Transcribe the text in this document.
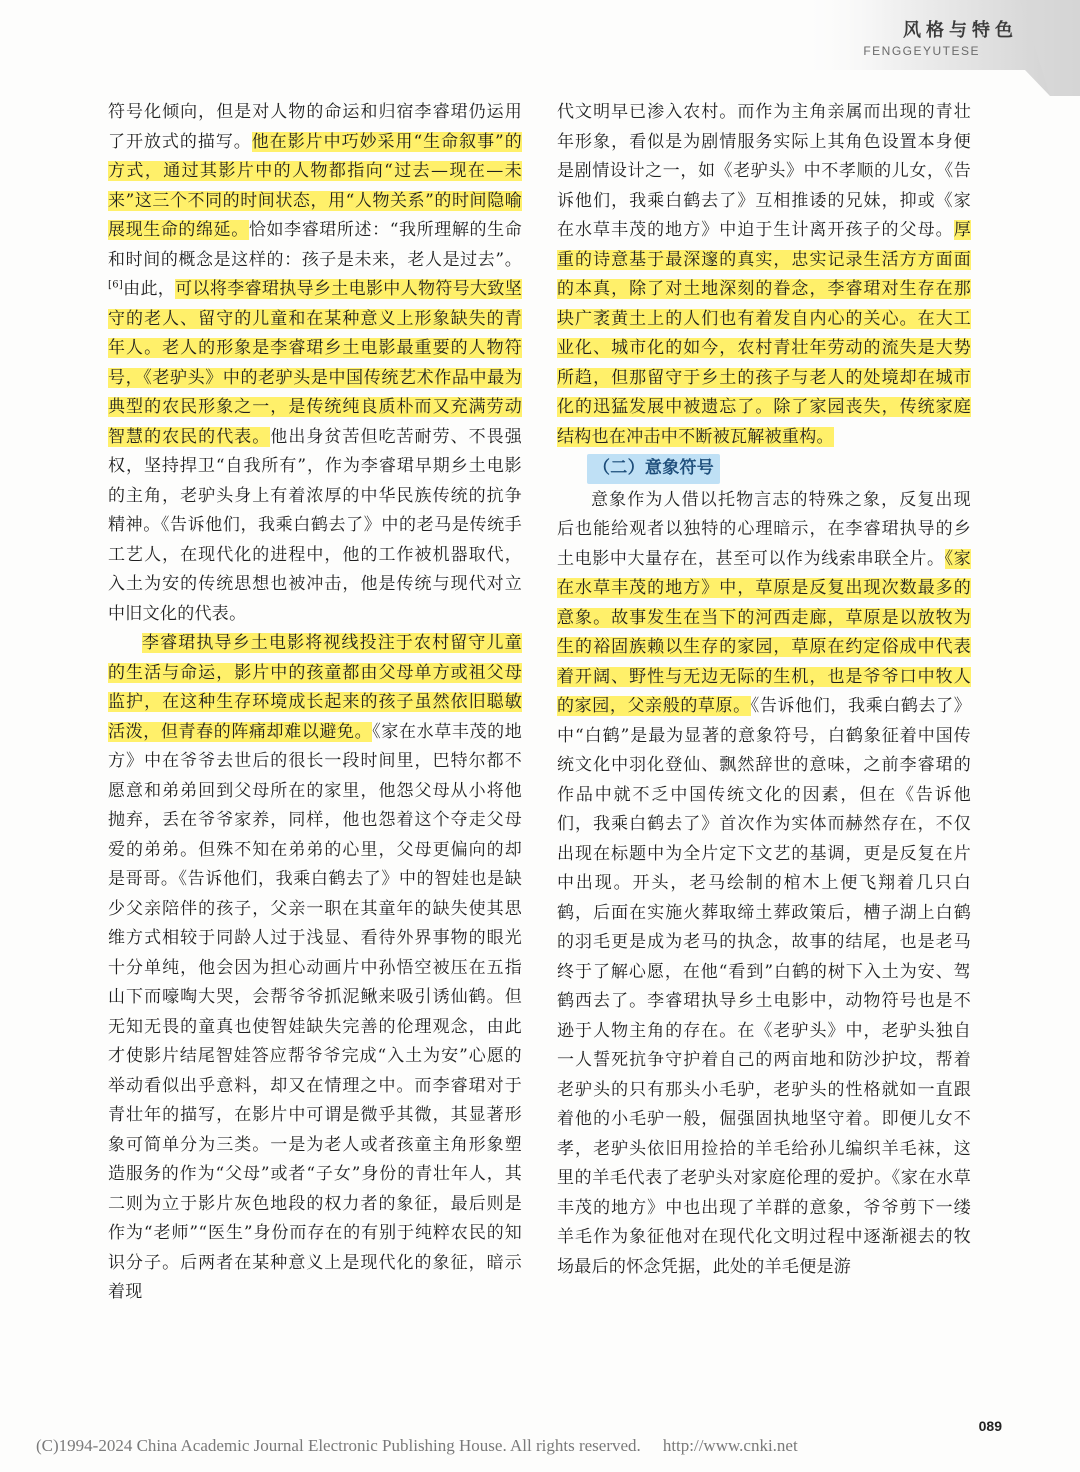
风格与特色
FENGGEYUTESE

符号化倾向，但是对人物的命运和归宿李睿珺仍运用了开放式的描写。他在影片中巧妙采用“生命叙事”的方式，通过其影片中的人物都指向“过去—现在—未来”这三个不同的时间状态，用“人物关系”的时间隐喻展现生命的绵延。恰如李睿珺所述：“我所理解的生命和时间的概念是这样的：孩子是未来，老人是过去”。[6]由此，可以将李睿珺执导乡土电影中人物符号大致坚守的老人、留守的儿童和在某种意义上形象缺失的青年人。老人的形象是李睿珺乡土电影最重要的人物符号，《老驴头》中的老驴头是中国传统艺术作品中最为典型的农民形象之一，是传统纯良质朴而又充满劳动智慧的农民的代表。他出身贫苦但吃苦耐劳、不畏强权，坚持捍卫“自我所有”，作为李睿珺早期乡土电影的主角，老驴头身上有着浓厚的中华民族传统的抗争精神。《告诉他们，我乘白鹤去了》中的老马是传统手工艺人，在现代化的进程中，他的工作被机器取代，入土为安的传统思想也被冲击，他是传统与现代对立中旧文化的代表。

李睿珺执导乡土电影将视线投注于农村留守儿童的生活与命运，影片中的孩童都由父母单方或祖父母监护，在这种生存环境成长起来的孩子虽然依旧聪敏活泼，但青春的阵痛却难以避免。《家在水草丰茂的地方》中在爷爷去世后的很长一段时间里，巴特尔都不愿意和弟弟回到父母所在的家里，他怨父母从小将他抛弃，丢在爷爷家养，同样，他也怨着这个夺走父母爱的弟弟。但殊不知在弟弟的心里，父母更偏向的却是哥哥。《告诉他们，我乘白鹤去了》中的智娃也是缺少父亲陪伴的孩子，父亲一职在其童年的缺失使其思维方式相较于同龄人过于浅显、看待外界事物的眼光十分单纯，他会因为担心动画片中孙悟空被压在五指山下而嚎啕大哭，会帮爷爷抓泥鳅来吸引诱仙鹤。但无知无畏的童真也使智娃缺失完善的伦理观念，由此才使影片结尾智娃答应帮爷爷完成“入土为安”心愿的举动看似出乎意料，却又在情理之中。而李睿珺对于青壮年的描写，在影片中可谓是微乎其微，其显著形象可简单分为三类。一是为老人或者孩童主角形象塑造服务的作为“父母”或者“子女”身份的青壮年人，其二则为立于影片灰色地段的权力者的象征，最后则是作为“老师”“医生”身份而存在的有别于纯粹农民的知识分子。后两者在某种意义上是现代化的象征，暗示着现

代文明早已渗入农村。而作为主角亲属而出现的青壮年形象，看似是为剧情服务实际上其角色设置本身便是剧情设计之一，如《老驴头》中不孝顺的儿女，《告诉他们，我乘白鹤去了》互相推诿的兄妹，抑或《家在水草丰茂的地方》中迫于生计离开孩子的父母。厚重的诗意基于最深邃的真实，忠实记录生活方方面面的本真，除了对土地深刻的眷念，李睿珺对生存在那块广袤黄土上的人们也有着发自内心的关心。在大工业化、城市化的如今，农村青壮年劳动的流失是大势所趋，但那留守于乡土的孩子与老人的处境却在城市化的迅猛发展中被遗忘了。除了家园丧失，传统家庭结构也在冲击中不断被瓦解被重构。

（二）意象符号

意象作为人借以托物言志的特殊之象，反复出现后也能给观者以独特的心理暗示，在李睿珺执导的乡土电影中大量存在，甚至可以作为线索串联全片。《家在水草丰茂的地方》中，草原是反复出现次数最多的意象。故事发生在当下的河西走廊，草原是以放牧为生的裕固族赖以生存的家园，草原在约定俗成中代表着开阔、野性与无边无际的生机，也是爷爷口中牧人的家园，父亲般的草原。《告诉他们，我乘白鹤去了》中“白鹤”是最为显著的意象符号，白鹤象征着中国传统文化中羽化登仙、飘然辞世的意味，之前李睿珺的作品中就不乏中国传统文化的因素，但在《告诉他们，我乘白鹤去了》首次作为实体而赫然存在，不仅出现在标题中为全片定下文艺的基调，更是反复在片中出现。开头，老马绘制的棺木上便飞翔着几只白鹤，后面在实施火葬取缔土葬政策后，槽子湖上白鹤的羽毛更是成为老马的执念，故事的结尾，也是老马终于了解心愿，在他“看到”白鹤的树下入土为安、驾鹤西去了。李睿珺执导乡土电影中，动物符号也是不逊于人物主角的存在。在《老驴头》中，老驴头独自一人誓死抗争守护着自己的两亩地和防沙护坟，帮着老驴头的只有那头小毛驴，老驴头的性格就如一直跟着他的小毛驴一般，倔强固执地坚守着。即便儿女不孝，老驴头依旧用捡拾的羊毛给孙儿编织羊毛袜，这里的羊毛代表了老驴头对家庭伦理的爱护。《家在水草丰茂的地方》中也出现了羊群的意象，爷爷剪下一缕羊毛作为象征他对在现代化文明过程中逐渐褪去的牧场最后的怀念凭据，此处的羊毛便是游

089
(C)1994-2024 China Academic Journal Electronic Publishing House. All rights reserved. http://www.cnki.net
